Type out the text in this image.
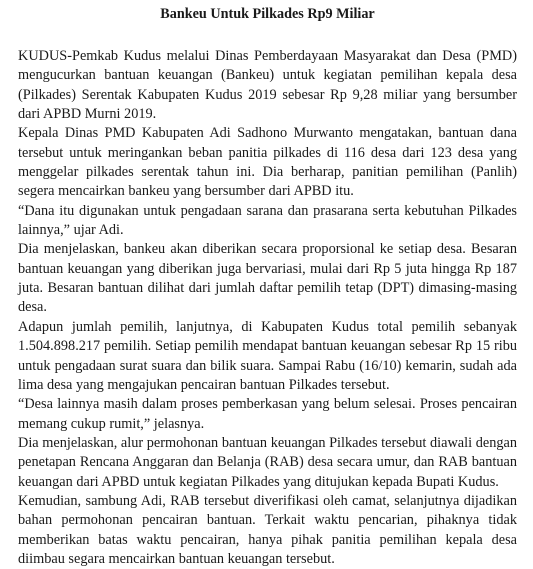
Bankeu Untuk Pilkades Rp9 Miliar

KUDUS-Pemkab Kudus melalui Dinas Pemberdayaan Masyarakat dan Desa (PMD) mengucurkan bantuan keuangan (Bankeu) untuk kegiatan pemilihan kepala desa (Pilkades) Serentak Kabupaten Kudus 2019 sebesar Rp 9,28 miliar yang bersumber dari APBD Murni 2019.

Kepala Dinas PMD Kabupaten Adi Sadhono Murwanto mengatakan, bantuan dana tersebut untuk meringankan beban panitia pilkades di 116 desa dari 123 desa yang menggelar pilkades serentak tahun ini. Dia berharap, panitian pemilihan (Panlih) segera mencairkan bankeu yang bersumber dari APBD itu.

“Dana itu digunakan untuk pengadaan sarana dan prasarana serta kebutuhan Pilkades lainnya,” ujar Adi.

Dia menjelaskan, bankeu akan diberikan secara proporsional ke setiap desa. Besaran bantuan keuangan yang diberikan juga bervariasi, mulai dari Rp 5 juta hingga Rp 187 juta. Besaran bantuan dilihat dari jumlah daftar pemilih tetap (DPT) dimasing-masing desa.

Adapun jumlah pemilih, lanjutnya, di Kabupaten Kudus total pemilih sebanyak 1.504.898.217 pemilih. Setiap pemilih mendapat bantuan keuangan sebesar Rp 15 ribu untuk pengadaan surat suara dan bilik suara. Sampai Rabu (16/10) kemarin, sudah ada lima desa yang mengajukan pencairan bantuan Pilkades tersebut.

“Desa lainnya masih dalam proses pemberkasan yang belum selesai. Proses pencairan memang cukup rumit,” jelasnya.

Dia menjelaskan, alur permohonan bantuan keuangan Pilkades tersebut diawali dengan penetapan Rencana Anggaran dan Belanja (RAB) desa secara umur, dan RAB bantuan keuangan dari APBD untuk kegiatan Pilkades yang ditujukan kepada Bupati Kudus.

Kemudian, sambung Adi, RAB tersebut diverifikasi oleh camat, selanjutnya dijadikan bahan permohonan pencairan bantuan. Terkait waktu pencarian, pihaknya tidak memberikan batas waktu pencairan, hanya pihak panitia pemilihan kepala desa diimbau segara mencairkan bantuan keuangan tersebut.
